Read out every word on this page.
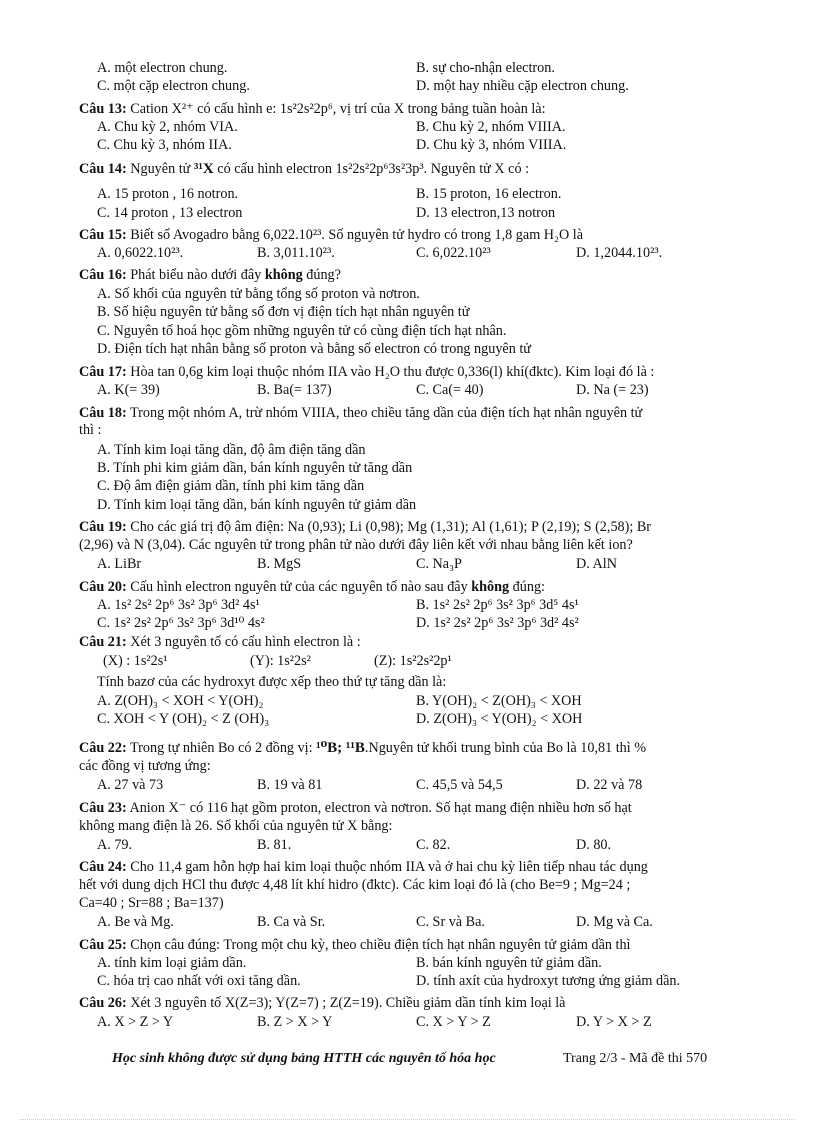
A. một electron chung.	B. sự cho-nhận electron.
C. một cặp electron chung.	D. một hay nhiều cặp electron chung.
Câu 13: Cation X²⁺ có cấu hình e: 1s²2s²2p⁶, vị trí của X trong bảng tuần hoàn là:
A. Chu kỳ 2, nhóm VIA.	B. Chu kỳ 2, nhóm VIIIA.
C. Chu kỳ 3, nhóm IIA.	D. Chu kỳ 3, nhóm VIIIA.
Câu 14: Nguyên tử ³¹X có cấu hình electron 1s²2s²2p⁶3s²3p³. Nguyên tử X có :
A. 15 proton , 16 notron.	B. 15 proton, 16 electron.
C. 14 proton , 13 electron	D. 13 electron,13 notron
Câu 15: Biết số Avogadro bằng 6,022.10²³. Số nguyên tử hydro có trong 1,8 gam H₂O là
A. 0,6022.10²³.	B. 3,011.10²³.	C. 6,022.10²³	D. 1,2044.10²³.
Câu 16: Phát biểu nào dưới đây không đúng?
A. Số khối của nguyên tử bằng tổng số proton và nơtron.
B. Số hiệu nguyên tử bằng số đơn vị điện tích hạt nhân nguyên tử
C. Nguyên tố hoá học gồm những nguyên tử có cùng điện tích hạt nhân.
D. Điện tích hạt nhân bằng số proton và bằng số electron có trong nguyên tử
Câu 17: Hòa tan 0,6g kim loại thuộc nhóm IIA vào H₂O thu được 0,336(l) khí(đktc). Kim loại đó là :
A. K(= 39)	B. Ba(= 137)	C. Ca(= 40)	D. Na (= 23)
Câu 18: Trong một nhóm A, trừ nhóm VIIIA, theo chiều tăng dần của điện tích hạt nhân nguyên tử
thì :
A. Tính kim loại tăng dần, độ âm điện tăng dần
B. Tính phi kim giảm dần, bán kính nguyên tử tăng dần
C. Độ âm điện giảm dần, tính phi kim tăng dần
D. Tính kim loại tăng dần, bán kính nguyên tử giảm dần
Câu 19: Cho các giá trị độ âm điện: Na (0,93); Li (0,98); Mg (1,31); Al (1,61); P (2,19); S (2,58); Br
(2,96) và N (3,04). Các nguyên tử trong phân tử nào dưới đây liên kết với nhau bằng liên kết ion?
A. LiBr	B. MgS	C. Na₃P	D. AlN
Câu 20: Cấu hình electron nguyên tử của các nguyên tố nào sau đây không đúng:
A. 1s² 2s² 2p⁶ 3s² 3p⁶ 3d² 4s¹	B. 1s² 2s² 2p⁶ 3s² 3p⁶ 3d⁵ 4s¹
C. 1s² 2s² 2p⁶ 3s² 3p⁶ 3d¹⁰ 4s²	D. 1s² 2s² 2p⁶ 3s² 3p⁶ 3d² 4s²
Câu 21: Xét 3 nguyên tố có cấu hình electron là :
(X) : 1s²2s¹	(Y): 1s²2s²	(Z): 1s²2s²2p¹
Tính bazơ của các hydroxyt được xếp theo thứ tự tăng dần là:
A. Z(OH)₃ < XOH < Y(OH)₂	B. Y(OH)₂ < Z(OH)₃ < XOH
C. XOH < Y (OH)₂ < Z (OH)₃	D. Z(OH)₃ < Y(OH)₂ < XOH
Câu 22: Trong tự nhiên Bo có 2 đồng vị: ¹⁰B; ¹¹B.Nguyên tử khối trung bình của Bo là 10,81 thì %
các đồng vị tương ứng:
A. 27 và 73	B. 19 và 81	C. 45,5 và 54,5	D. 22 và 78
Câu 23: Anion X⁻ có 116 hạt gồm proton, electron và nơtron. Số hạt mang điện nhiều hơn số hạt
không mang điện là 26. Số khối của nguyên tử X bằng:
A. 79.	B. 81.	C. 82.	D. 80.
Câu 24: Cho 11,4 gam hỗn hợp hai kim loại thuộc nhóm IIA và ở hai chu kỳ liên tiếp nhau tác dụng
hết với dung dịch HCl thu được 4,48 lít khí hidro (đktc). Các kim loại đó là (cho Be=9 ; Mg=24 ;
Ca=40 ; Sr=88 ; Ba=137)
A. Be và Mg.	B. Ca và Sr.	C. Sr và Ba.	D. Mg và Ca.
Câu 25: Chọn câu đúng: Trong một chu kỳ, theo chiều điện tích hạt nhân nguyên tử giảm dần thì
A. tính kim loại giảm dần.	B. bán kính nguyên tử giảm dần.
C. hóa trị cao nhất với oxi tăng dần.	D. tính axít của hydroxyt tương ứng giảm dần.
Câu 26: Xét 3 nguyên tố X(Z=3); Y(Z=7) ; Z(Z=19). Chiều giảm dần tính kim loại là
A. X > Z > Y	B. Z > X > Y	C. X > Y > Z	D. Y > X > Z
Học sinh không được sử dụng bảng HTTH các nguyên tố hóa học	Trang 2/3 - Mã đề thi 570
